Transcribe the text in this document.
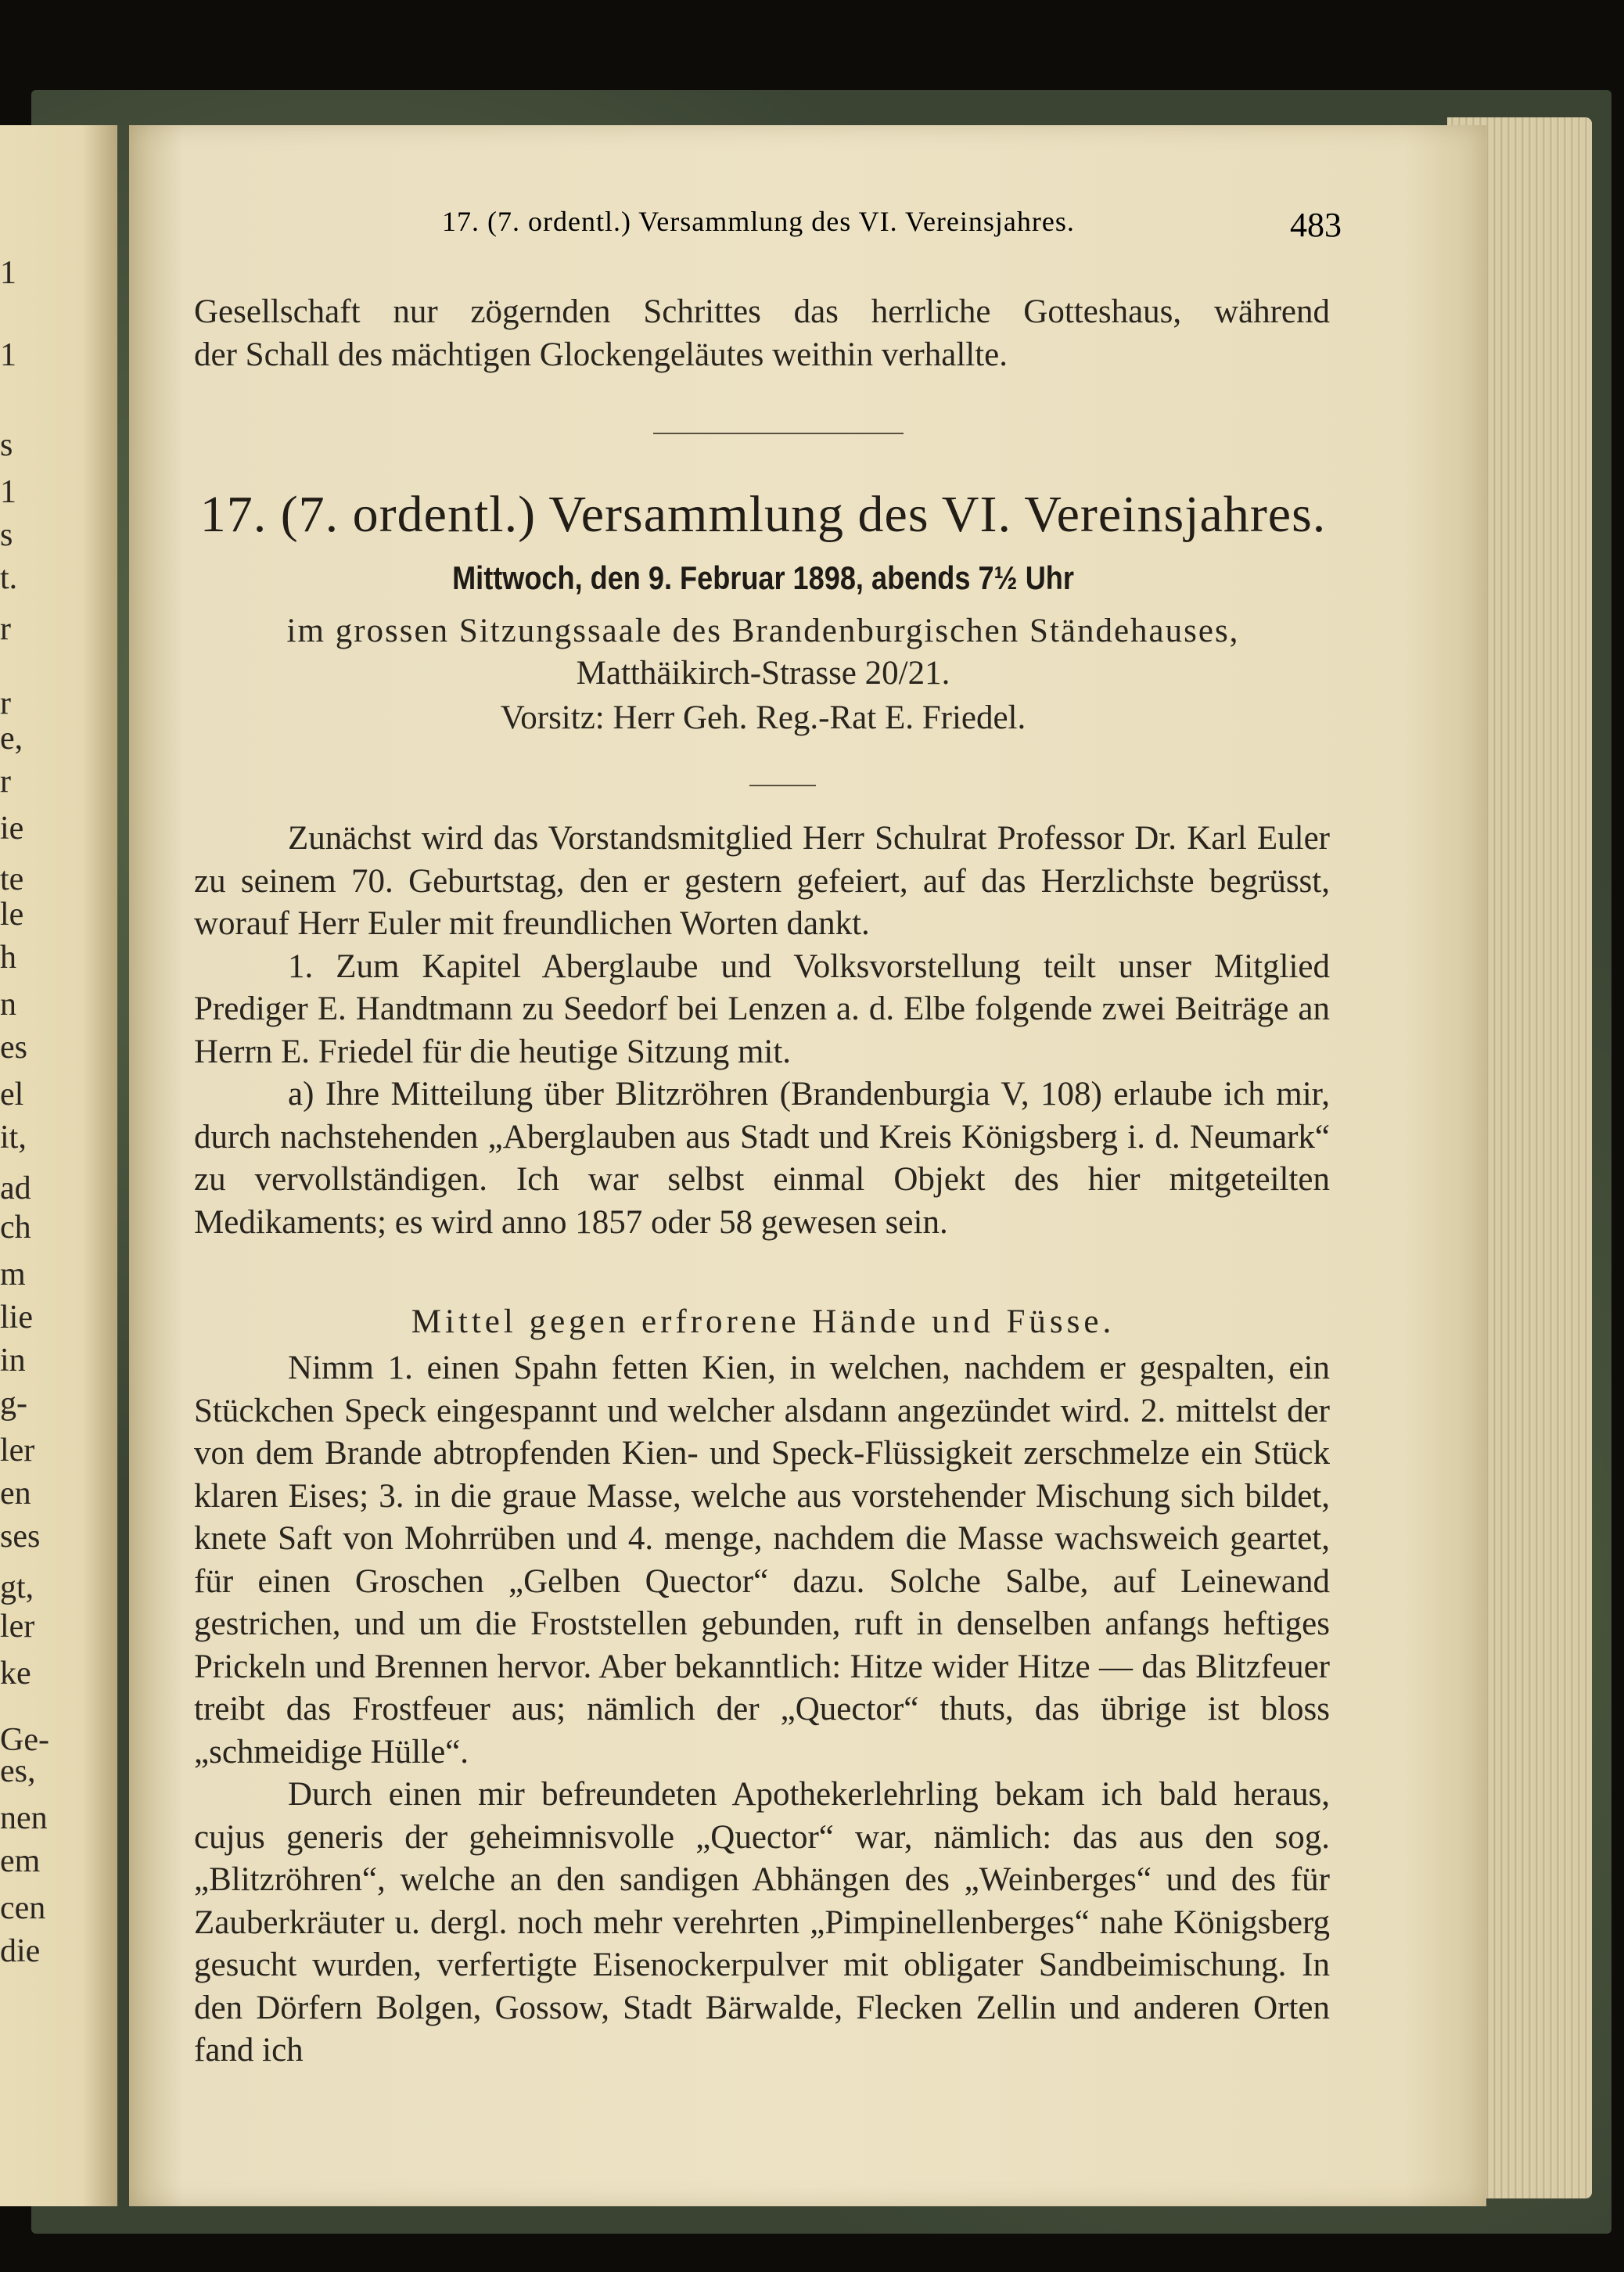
1
1
s
1
s
t.
r
r
e,
r
ie
te
le
h
n
es
el
it,
ad
ch
m
lie
in
g-
ler
en
ses
gt,
ler
ke
Ge-
es,
nen
em
cen
die
17. (7. ordentl.) Versammlung des VI. Vereinsjahres.	483

Gesellschaft nur zögernden Schrittes das herrliche Gotteshaus, während

der Schall des mächtigen Glockengeläutes weithin verhallte.

17. (7. ordentl.) Versammlung des VI. Vereinsjahres.
Mittwoch, den 9. Februar 1898, abends 7½ Uhr
im grossen Sitzungssaale des Brandenburgischen Ständehauses,
Matthäikirch-Strasse 20/21.
Vorsitz: Herr Geh. Reg.-Rat E. Friedel.

Zunächst wird das Vorstandsmitglied Herr Schulrat Professor Dr. Karl Euler zu seinem 70. Geburtstag, den er gestern gefeiert, auf das Herzlichste begrüsst, worauf Herr Euler mit freundlichen Worten dankt.

1. Zum Kapitel Aberglaube und Volksvorstellung teilt unser Mitglied Prediger E. Handtmann zu Seedorf bei Lenzen a. d. Elbe folgende zwei Beiträge an Herrn E. Friedel für die heutige Sitzung mit.

a) Ihre Mitteilung über Blitzröhren (Brandenburgia V, 108) erlaube ich mir, durch nachstehenden „Aberglauben aus Stadt und Kreis Königsberg i. d. Neumark“ zu vervollständigen. Ich war selbst einmal Objekt des hier mitgeteilten Medikaments; es wird anno 1857 oder 58 gewesen sein.

Mittel gegen erfrorene Hände und Füsse.

Nimm 1. einen Spahn fetten Kien, in welchen, nachdem er gespalten, ein Stückchen Speck eingespannt und welcher alsdann angezündet wird. 2. mittelst der von dem Brande abtropfenden Kien- und Speck-Flüssigkeit zerschmelze ein Stück klaren Eises; 3. in die graue Masse, welche aus vorstehender Mischung sich bildet, knete Saft von Mohrrüben und 4. menge, nachdem die Masse wachsweich geartet, für einen Groschen „Gelben Quector“ dazu. Solche Salbe, auf Leinewand gestrichen, und um die Froststellen gebunden, ruft in denselben anfangs heftiges Prickeln und Brennen hervor. Aber bekanntlich: Hitze wider Hitze — das Blitzfeuer treibt das Frostfeuer aus; nämlich der „Quector“ thuts, das übrige ist bloss „schmeidige Hülle“.

Durch einen mir befreundeten Apothekerlehrling bekam ich bald heraus, cujus generis der geheimnisvolle „Quector“ war, nämlich: das aus den sog. „Blitzröhren“, welche an den sandigen Abhängen des „Weinberges“ und des für Zauberkräuter u. dergl. noch mehr verehrten „Pimpinellenberges“ nahe Königsberg gesucht wurden, verfertigte Eisenockerpulver mit obligater Sandbeimischung. In den Dörfern Bolgen, Gossow, Stadt Bärwalde, Flecken Zellin und anderen Orten fand ich
